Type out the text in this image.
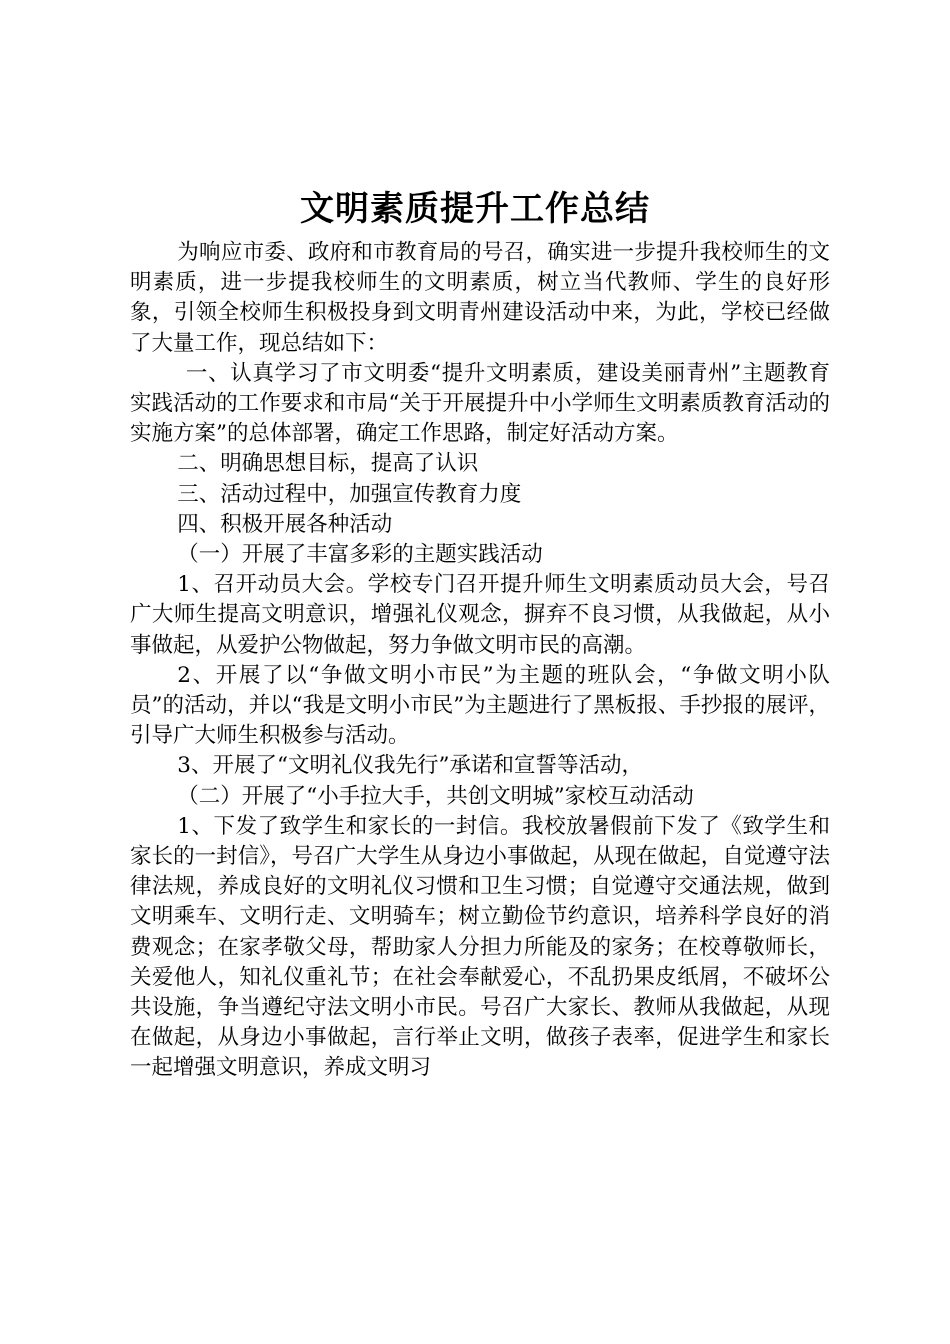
文明素质提升工作总结

为响应市委、政府和市教育局的号召，确实进一步提升我校师生的文明素质，进一步提我校师生的文明素质，树立当代教师、学生的良好形象，引领全校师生积极投身到文明青州建设活动中来，为此，学校已经做了大量工作，现总结如下：

一、认真学习了市文明委“提升文明素质，建设美丽青州”主题教育实践活动的工作要求和市局“关于开展提升中小学师生文明素质教育活动的实施方案”的总体部署，确定工作思路，制定好活动方案。

二、明确思想目标，提高了认识

三、活动过程中，加强宣传教育力度

四、积极开展各种活动

（一）开展了丰富多彩的主题实践活动

1、召开动员大会。学校专门召开提升师生文明素质动员大会，号召广大师生提高文明意识，增强礼仪观念，摒弃不良习惯，从我做起，从小事做起，从爱护公物做起，努力争做文明市民的高潮。

2、开展了以“争做文明小市民”为主题的班队会，“争做文明小队员”的活动，并以“我是文明小市民”为主题进行了黑板报、手抄报的展评，引导广大师生积极参与活动。

3、开展了“文明礼仪我先行”承诺和宣誓等活动，

（二）开展了“小手拉大手，共创文明城”家校互动活动

1、下发了致学生和家长的一封信。我校放暑假前下发了《致学生和家长的一封信》，号召广大学生从身边小事做起，从现在做起，自觉遵守法律法规，养成良好的文明礼仪习惯和卫生习惯；自觉遵守交通法规，做到文明乘车、文明行走、文明骑车；树立勤俭节约意识，培养科学良好的消费观念；在家孝敬父母，帮助家人分担力所能及的家务；在校尊敬师长，关爱他人，知礼仪重礼节；在社会奉献爱心，不乱扔果皮纸屑，不破坏公共设施，争当遵纪守法文明小市民。号召广大家长、教师从我做起，从现在做起，从身边小事做起，言行举止文明，做孩子表率，促进学生和家长一起增强文明意识，养成文明习
